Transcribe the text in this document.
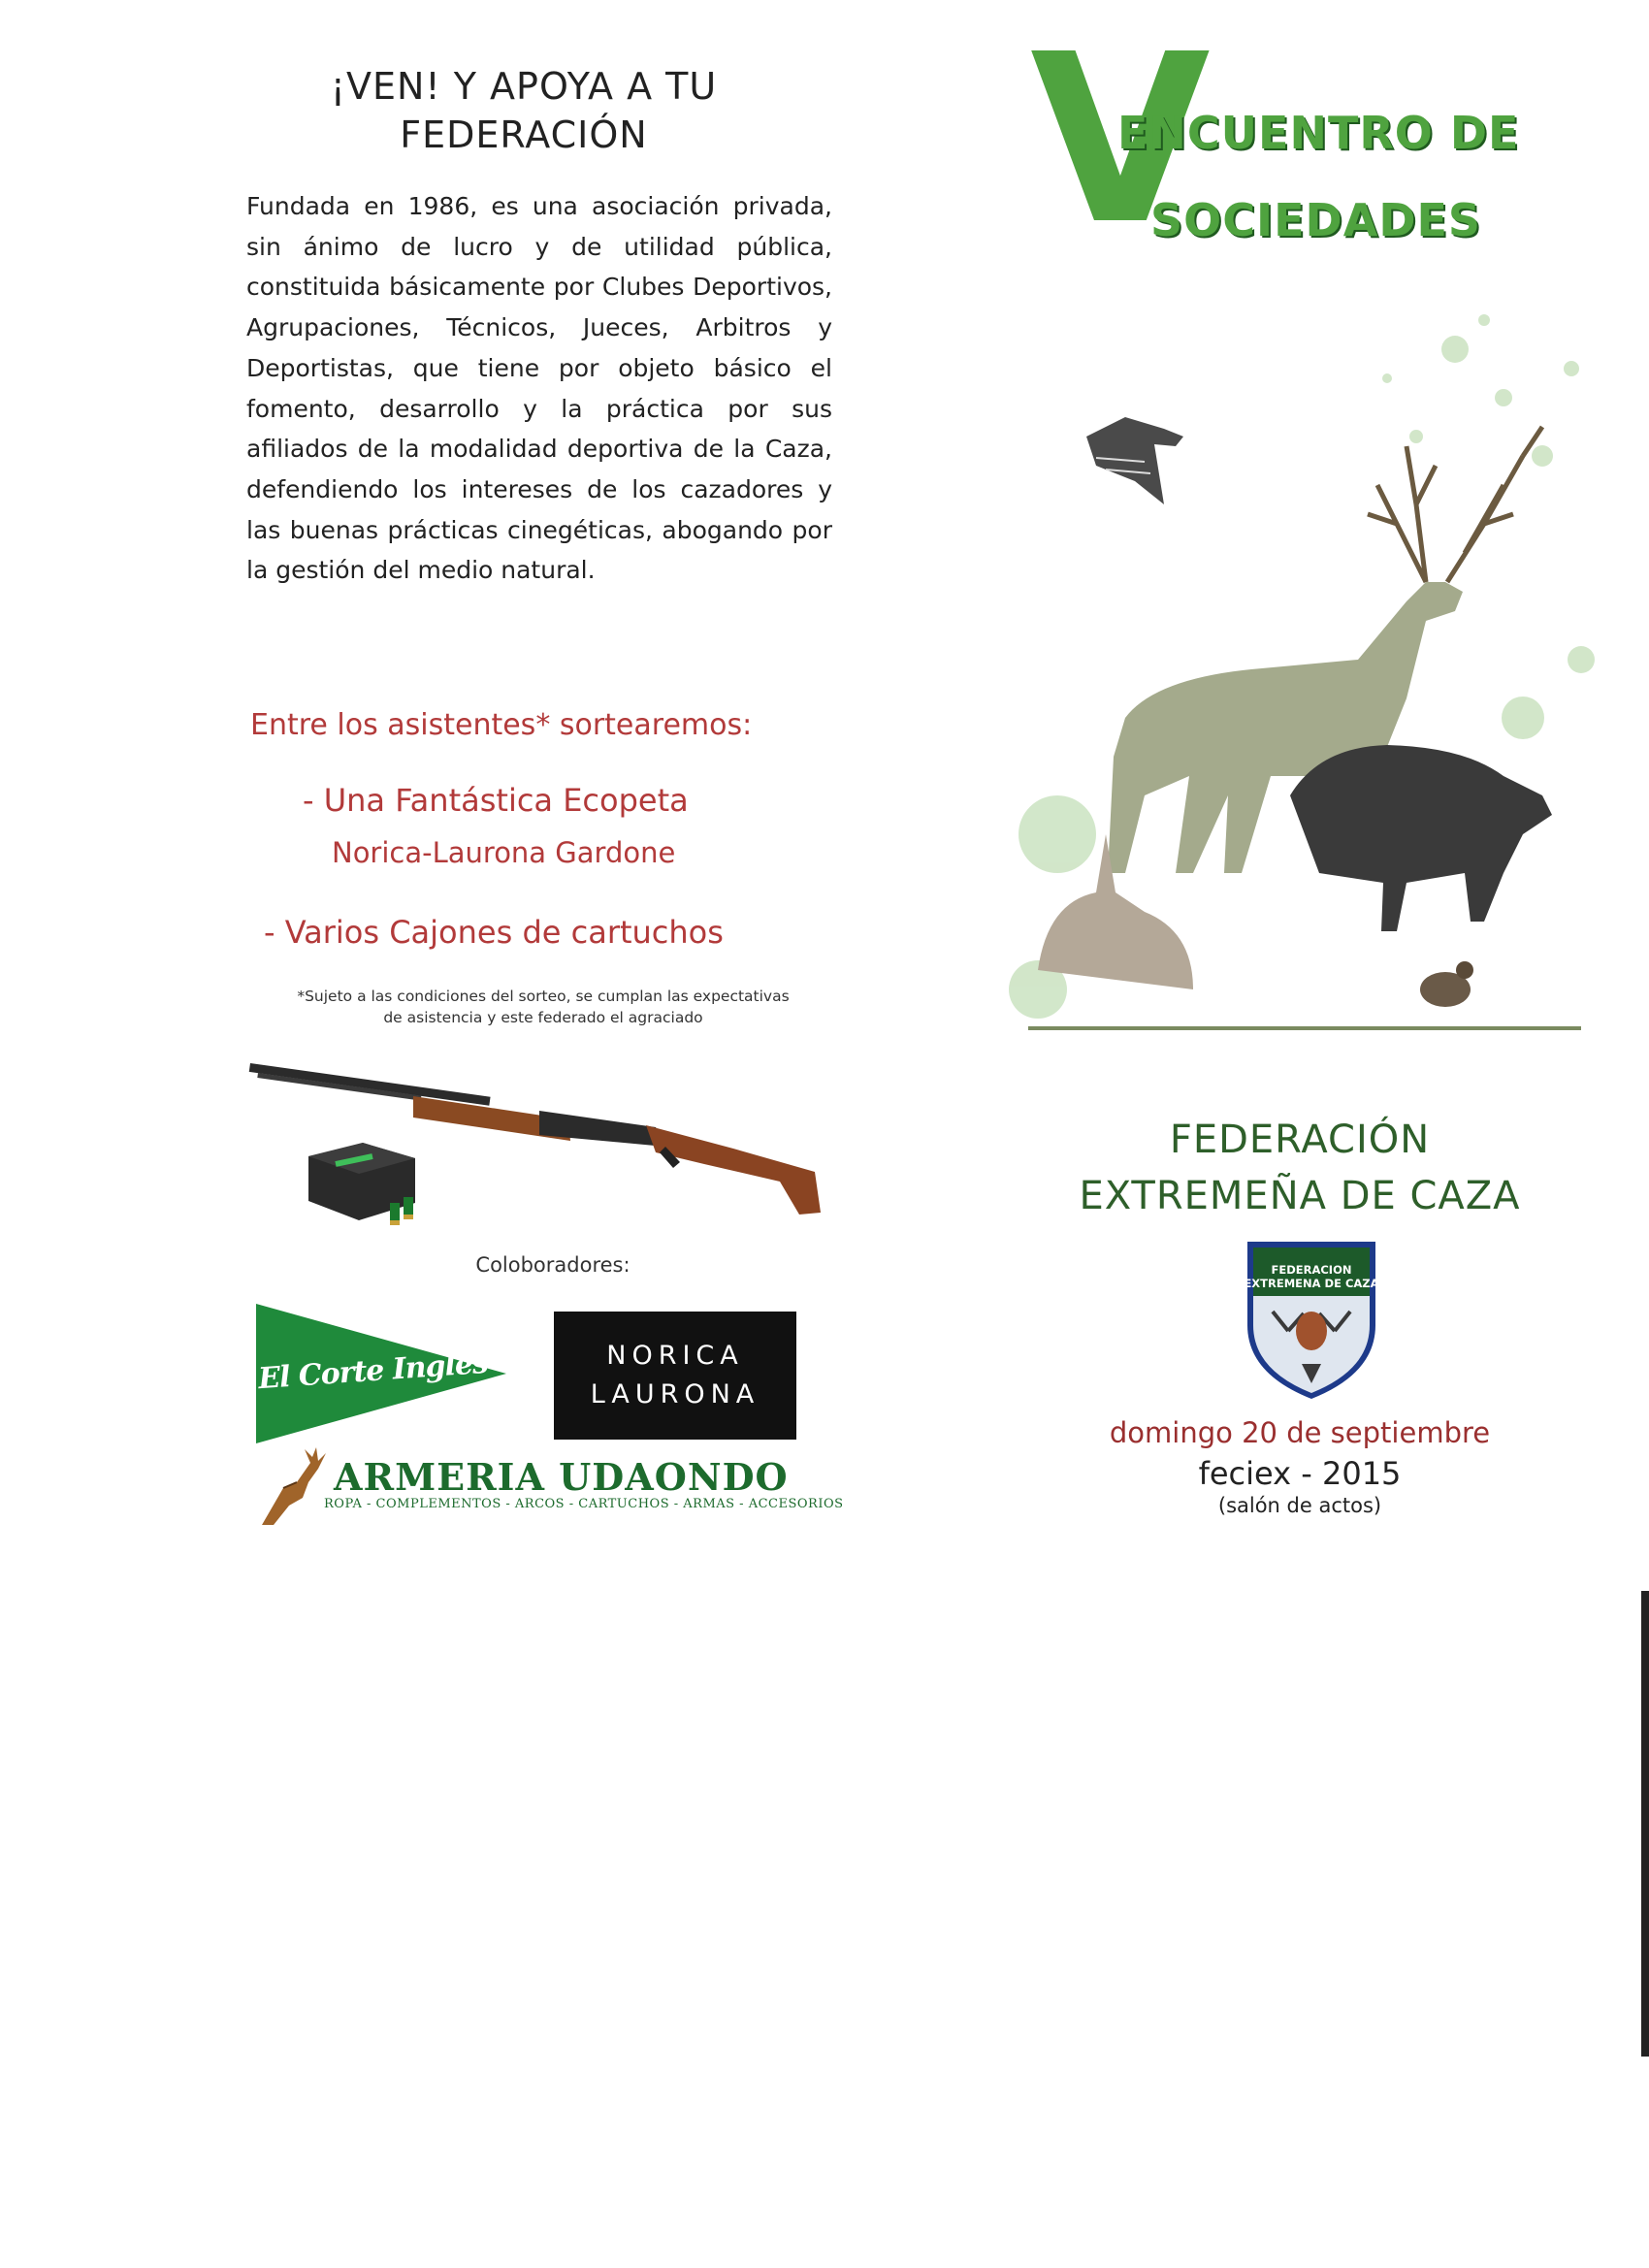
¡VEN! Y APOYA A TU
FEDERACIÓN

Fundada en 1986, es una asociación privada, sin ánimo de lucro y de utilidad pública, constituida básicamente por Clubes Deportivos, Agrupaciones, Técnicos, Jueces, Arbitros y Deportistas, que tiene por objeto básico el fomento, desarrollo y la práctica por sus afiliados de la modalidad deportiva de la Caza, defendiendo los intereses de los cazadores y las buenas prácticas cinegéticas, abogando por la gestión del medio natural.

Entre los asistentes* sortearemos:
- Una Fantástica Ecopeta
Norica-Laurona Gardone
- Varios Cajones de cartuchos
*Sujeto a las condiciones del sorteo, se cumplan las expectativas
de asistencia y este federado el agraciado
Coloboradores:
El Corte Inglés	NORICA
LAURONA
ARMERIA UDAONDO
ROPA - COMPLEMENTOS - ARCOS - CARTUCHOS - ARMAS - ACCESORIOS
V
ENCUENTRO DE
SOCIEDADES
FEDERACIÓN
EXTREMEÑA DE CAZA
FEDERACION
EXTREMENA DE CAZA
domingo 20 de septiembre
feciex - 2015
(salón de actos)
